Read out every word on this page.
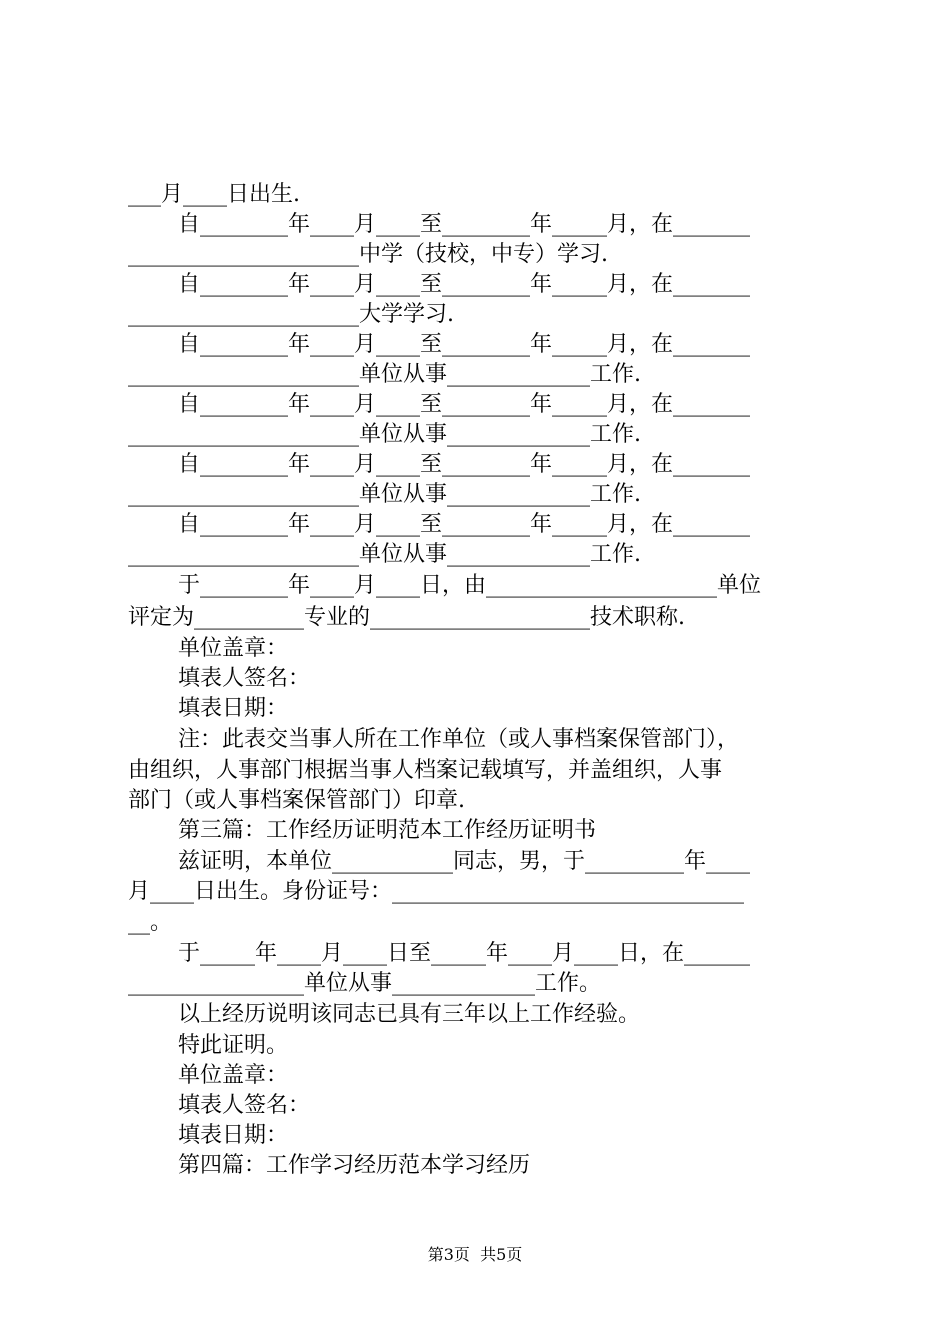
___月____日出生.
自________年____月____至________年_____月，在_______
_____________________中学（技校，中专）学习.
自________年____月____至________年_____月，在_______
_____________________大学学习.
自________年____月____至________年_____月，在_______
_____________________单位从事_____________工作.
自________年____月____至________年_____月，在_______
_____________________单位从事_____________工作.
自________年____月____至________年_____月，在_______
_____________________单位从事_____________工作.
自________年____月____至________年_____月，在_______
_____________________单位从事_____________工作.
于________年____月____日，由_____________________单位
评定为__________专业的____________________技术职称.
单位盖章：
填表人签名：
填表日期：
注：此表交当事人所在工作单位（或人事档案保管部门），
由组织，人事部门根据当事人档案记载填写，并盖组织，人事
部门（或人事档案保管部门）印章.
第三篇：工作经历证明范本工作经历证明书
兹证明，本单位___________同志，男，于_________年____
月____日出生。身份证号：________________________________
__。
于_____年____月____日至_____年____月____日，在______
________________单位从事_____________工作。
以上经历说明该同志已具有三年以上工作经验。
特此证明。
单位盖章：
填表人签名：
填表日期：
第四篇：工作学习经历范本学习经历
第3页  共5页
